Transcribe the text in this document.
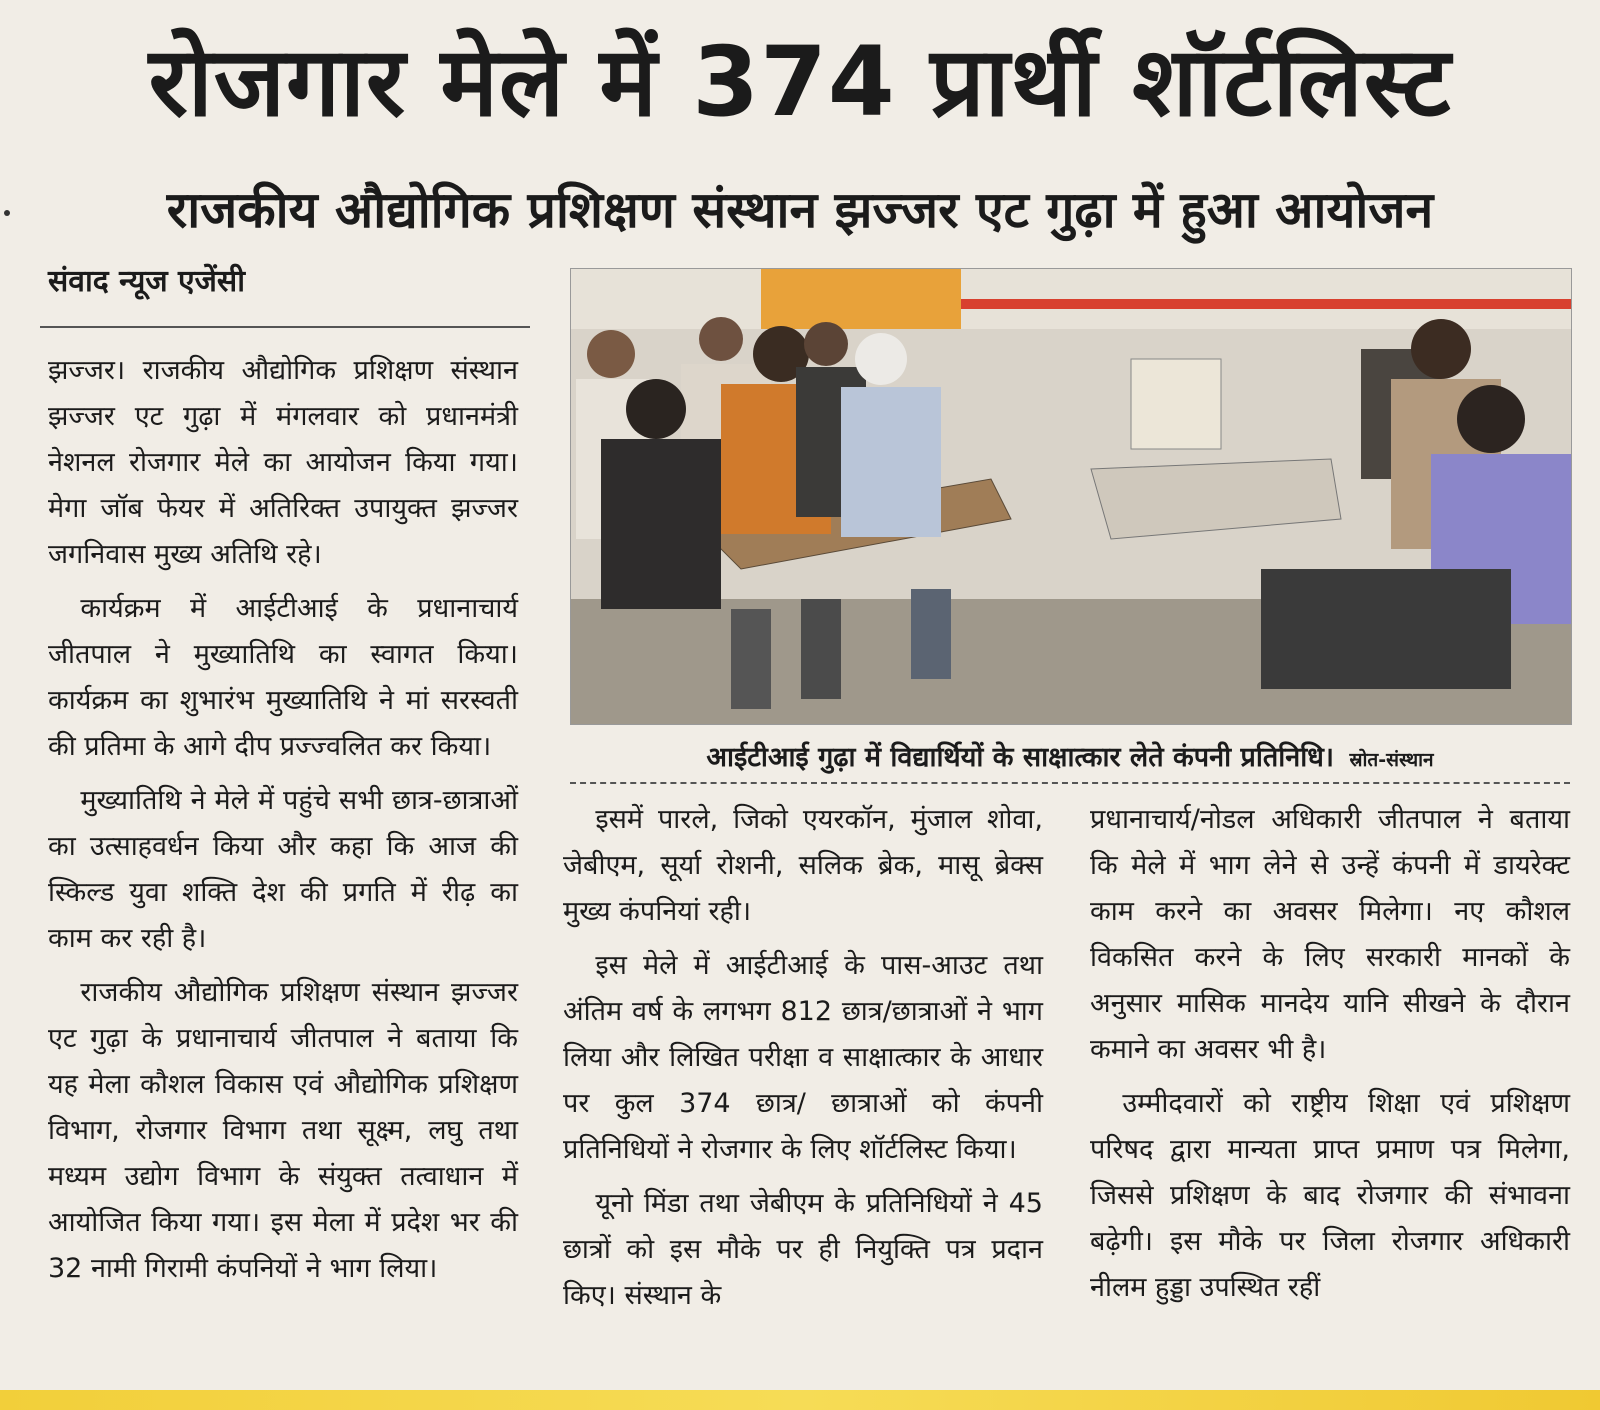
रोजगार मेले में 374 प्रार्थी शॉर्टलिस्ट
राजकीय औद्योगिक प्रशिक्षण संस्थान झज्जर एट गुढ़ा में हुआ आयोजन
संवाद न्यूज एजेंसी
आईटीआई गुढ़ा में विद्यार्थियों के साक्षात्कार लेते कंपनी प्रतिनिधि। स्रोत-संस्थान

झज्जर। राजकीय औद्योगिक प्रशिक्षण संस्थान झज्जर एट गुढ़ा में मंगलवार को प्रधानमंत्री नेशनल रोजगार मेले का आयोजन किया गया। मेगा जॉब फेयर में अतिरिक्त उपायुक्त झज्जर जगनिवास मुख्य अतिथि रहे।

कार्यक्रम में आईटीआई के प्रधानाचार्य जीतपाल ने मुख्यातिथि का स्वागत किया। कार्यक्रम का शुभारंभ मुख्यातिथि ने मां सरस्वती की प्रतिमा के आगे दीप प्रज्ज्वलित कर किया।

मुख्यातिथि ने मेले में पहुंचे सभी छात्र-छात्राओं का उत्साहवर्धन किया और कहा कि आज की स्किल्ड युवा शक्ति देश की प्रगति में रीढ़ का काम कर रही है।

राजकीय औद्योगिक प्रशिक्षण संस्थान झज्जर एट गुढ़ा के प्रधानाचार्य जीतपाल ने बताया कि यह मेला कौशल विकास एवं औद्योगिक प्रशिक्षण विभाग, रोजगार विभाग तथा सूक्ष्म, लघु तथा मध्यम उद्योग विभाग के संयुक्त तत्वाधान में आयोजित किया गया। इस मेला में प्रदेश भर की 32 नामी गिरामी कंपनियों ने भाग लिया।

इसमें पारले, जिको एयरकॉन, मुंजाल शोवा, जेबीएम, सूर्या रोशनी, सलिक ब्रेक, मासू ब्रेक्स मुख्य कंपनियां रही।

इस मेले में आईटीआई के पास-आउट तथा अंतिम वर्ष के लगभग 812 छात्र/छात्राओं ने भाग लिया और लिखित परीक्षा व साक्षात्कार के आधार पर कुल 374 छात्र/ छात्राओं को कंपनी प्रतिनिधियों ने रोजगार के लिए शॉर्टलिस्ट किया।

यूनो मिंडा तथा जेबीएम के प्रतिनिधियों ने 45 छात्रों को इस मौके पर ही नियुक्ति पत्र प्रदान किए। संस्थान के

प्रधानाचार्य/नोडल अधिकारी जीतपाल ने बताया कि मेले में भाग लेने से उन्हें कंपनी में डायरेक्ट काम करने का अवसर मिलेगा। नए कौशल विकसित करने के लिए सरकारी मानकों के अनुसार मासिक मानदेय यानि सीखने के दौरान कमाने का अवसर भी है।

उम्मीदवारों को राष्ट्रीय शिक्षा एवं प्रशिक्षण परिषद द्वारा मान्यता प्राप्त प्रमाण पत्र मिलेगा, जिससे प्रशिक्षण के बाद रोजगार की संभावना बढ़ेगी। इस मौके पर जिला रोजगार अधिकारी नीलम हुड्डा उपस्थित रहीं
